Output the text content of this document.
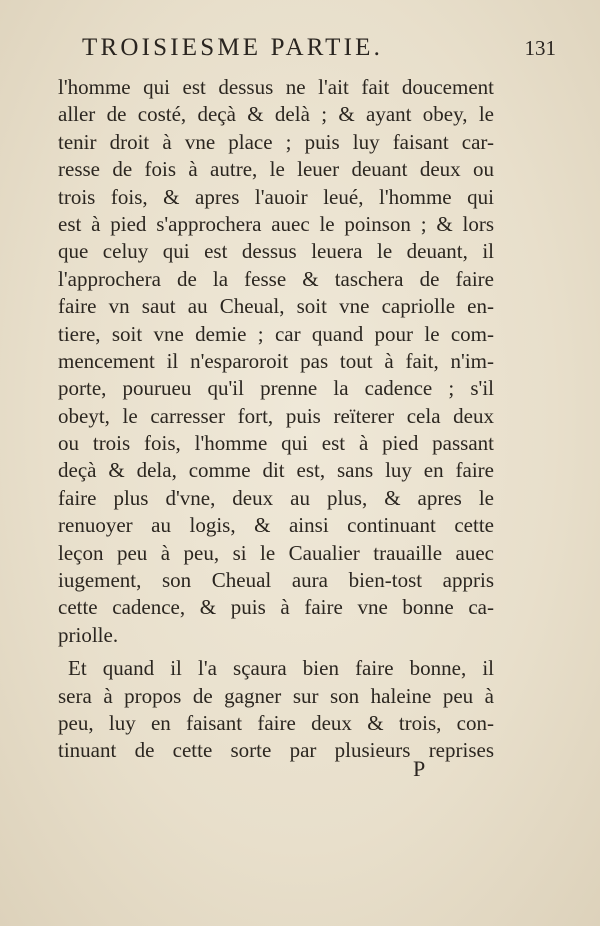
TROISIESME PARTIE.	131
l'homme qui est dessus ne l'ait fait doucement
aller de costé, deçà & delà ; & ayant obey, le
tenir droit à vne place ; puis luy faisant car-
resse de fois à autre, le leuer deuant deux ou
trois fois, & apres l'auoir leué, l'homme qui
est à pied s'approchera auec le poinson ; & lors
que celuy qui est dessus leuera le deuant, il
l'approchera de la fesse & taschera de faire
faire vn saut au Cheual, soit vne capriolle en-
tiere, soit vne demie ; car quand pour le com-
mencement il n'esparoroit pas tout à fait, n'im-
porte, pourueu qu'il prenne la cadence ; s'il
obeyt, le carresser fort, puis reïterer cela deux
ou trois fois, l'homme qui est à pied passant
deçà & dela, comme dit est, sans luy en faire
faire plus d'vne, deux au plus, & apres le
renuoyer au logis, & ainsi continuant cette
leçon peu à peu, si le Caualier trauaille auec
iugement, son Cheual aura bien-tost appris
cette cadence, & puis à faire vne bonne ca-
priolle.
Et quand il l'a sçaura bien faire bonne, il
sera à propos de gagner sur son haleine peu à
peu, luy en faisant faire deux & trois, con-
tinuant de cette sorte par plusieurs reprises
P
